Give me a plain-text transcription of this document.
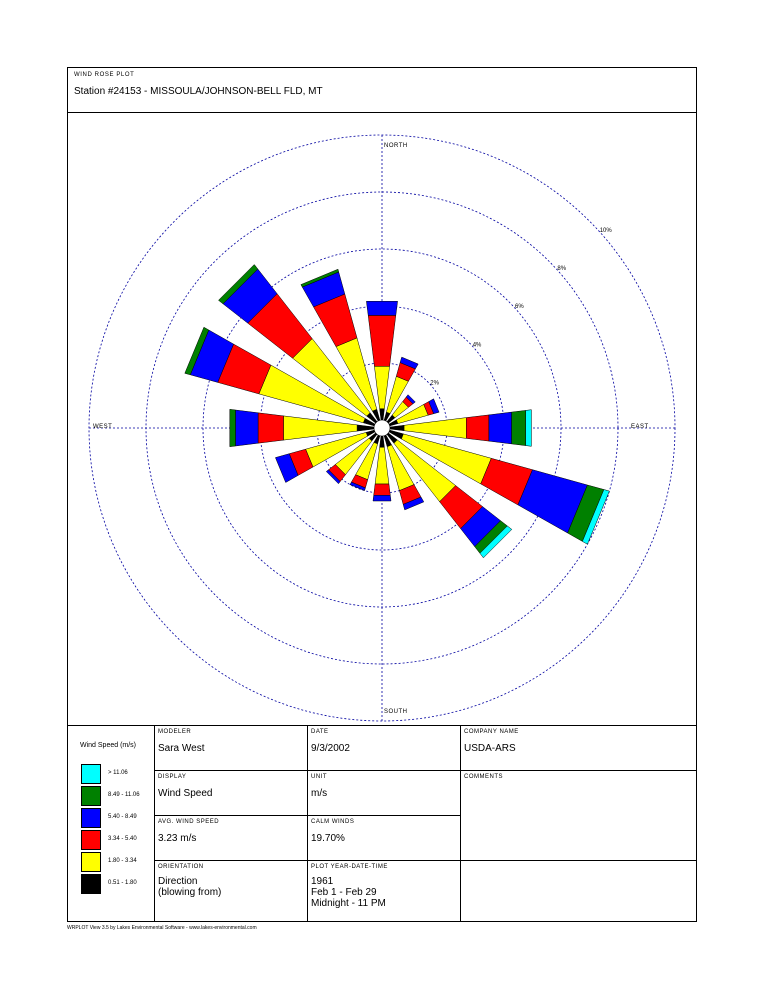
WIND ROSE PLOT
Station #24153 - MISSOULA/JOHNSON-BELL FLD, MT
2%
4%
6%
8%
10%
NORTH
EAST
SOUTH
WEST
Wind Speed (m/s)
> 11.06
8.49 - 11.06
5.40 - 8.49
3.34 - 5.40
1.80 - 3.34
0.51 - 1.80
MODELER
Sara West
DATE
9/3/2002
COMPANY NAME
USDA-ARS
DISPLAY
Wind Speed
UNIT
m/s
COMMENTS
AVG. WIND SPEED
3.23 m/s
CALM WINDS
19.70%
ORIENTATION
Direction
(blowing from)
PLOT YEAR-DATE-TIME
1961
Feb 1 - Feb 29
Midnight - 11 PM
WRPLOT View 3.5 by Lakes Environmental Software - www.lakes-environmental.com
